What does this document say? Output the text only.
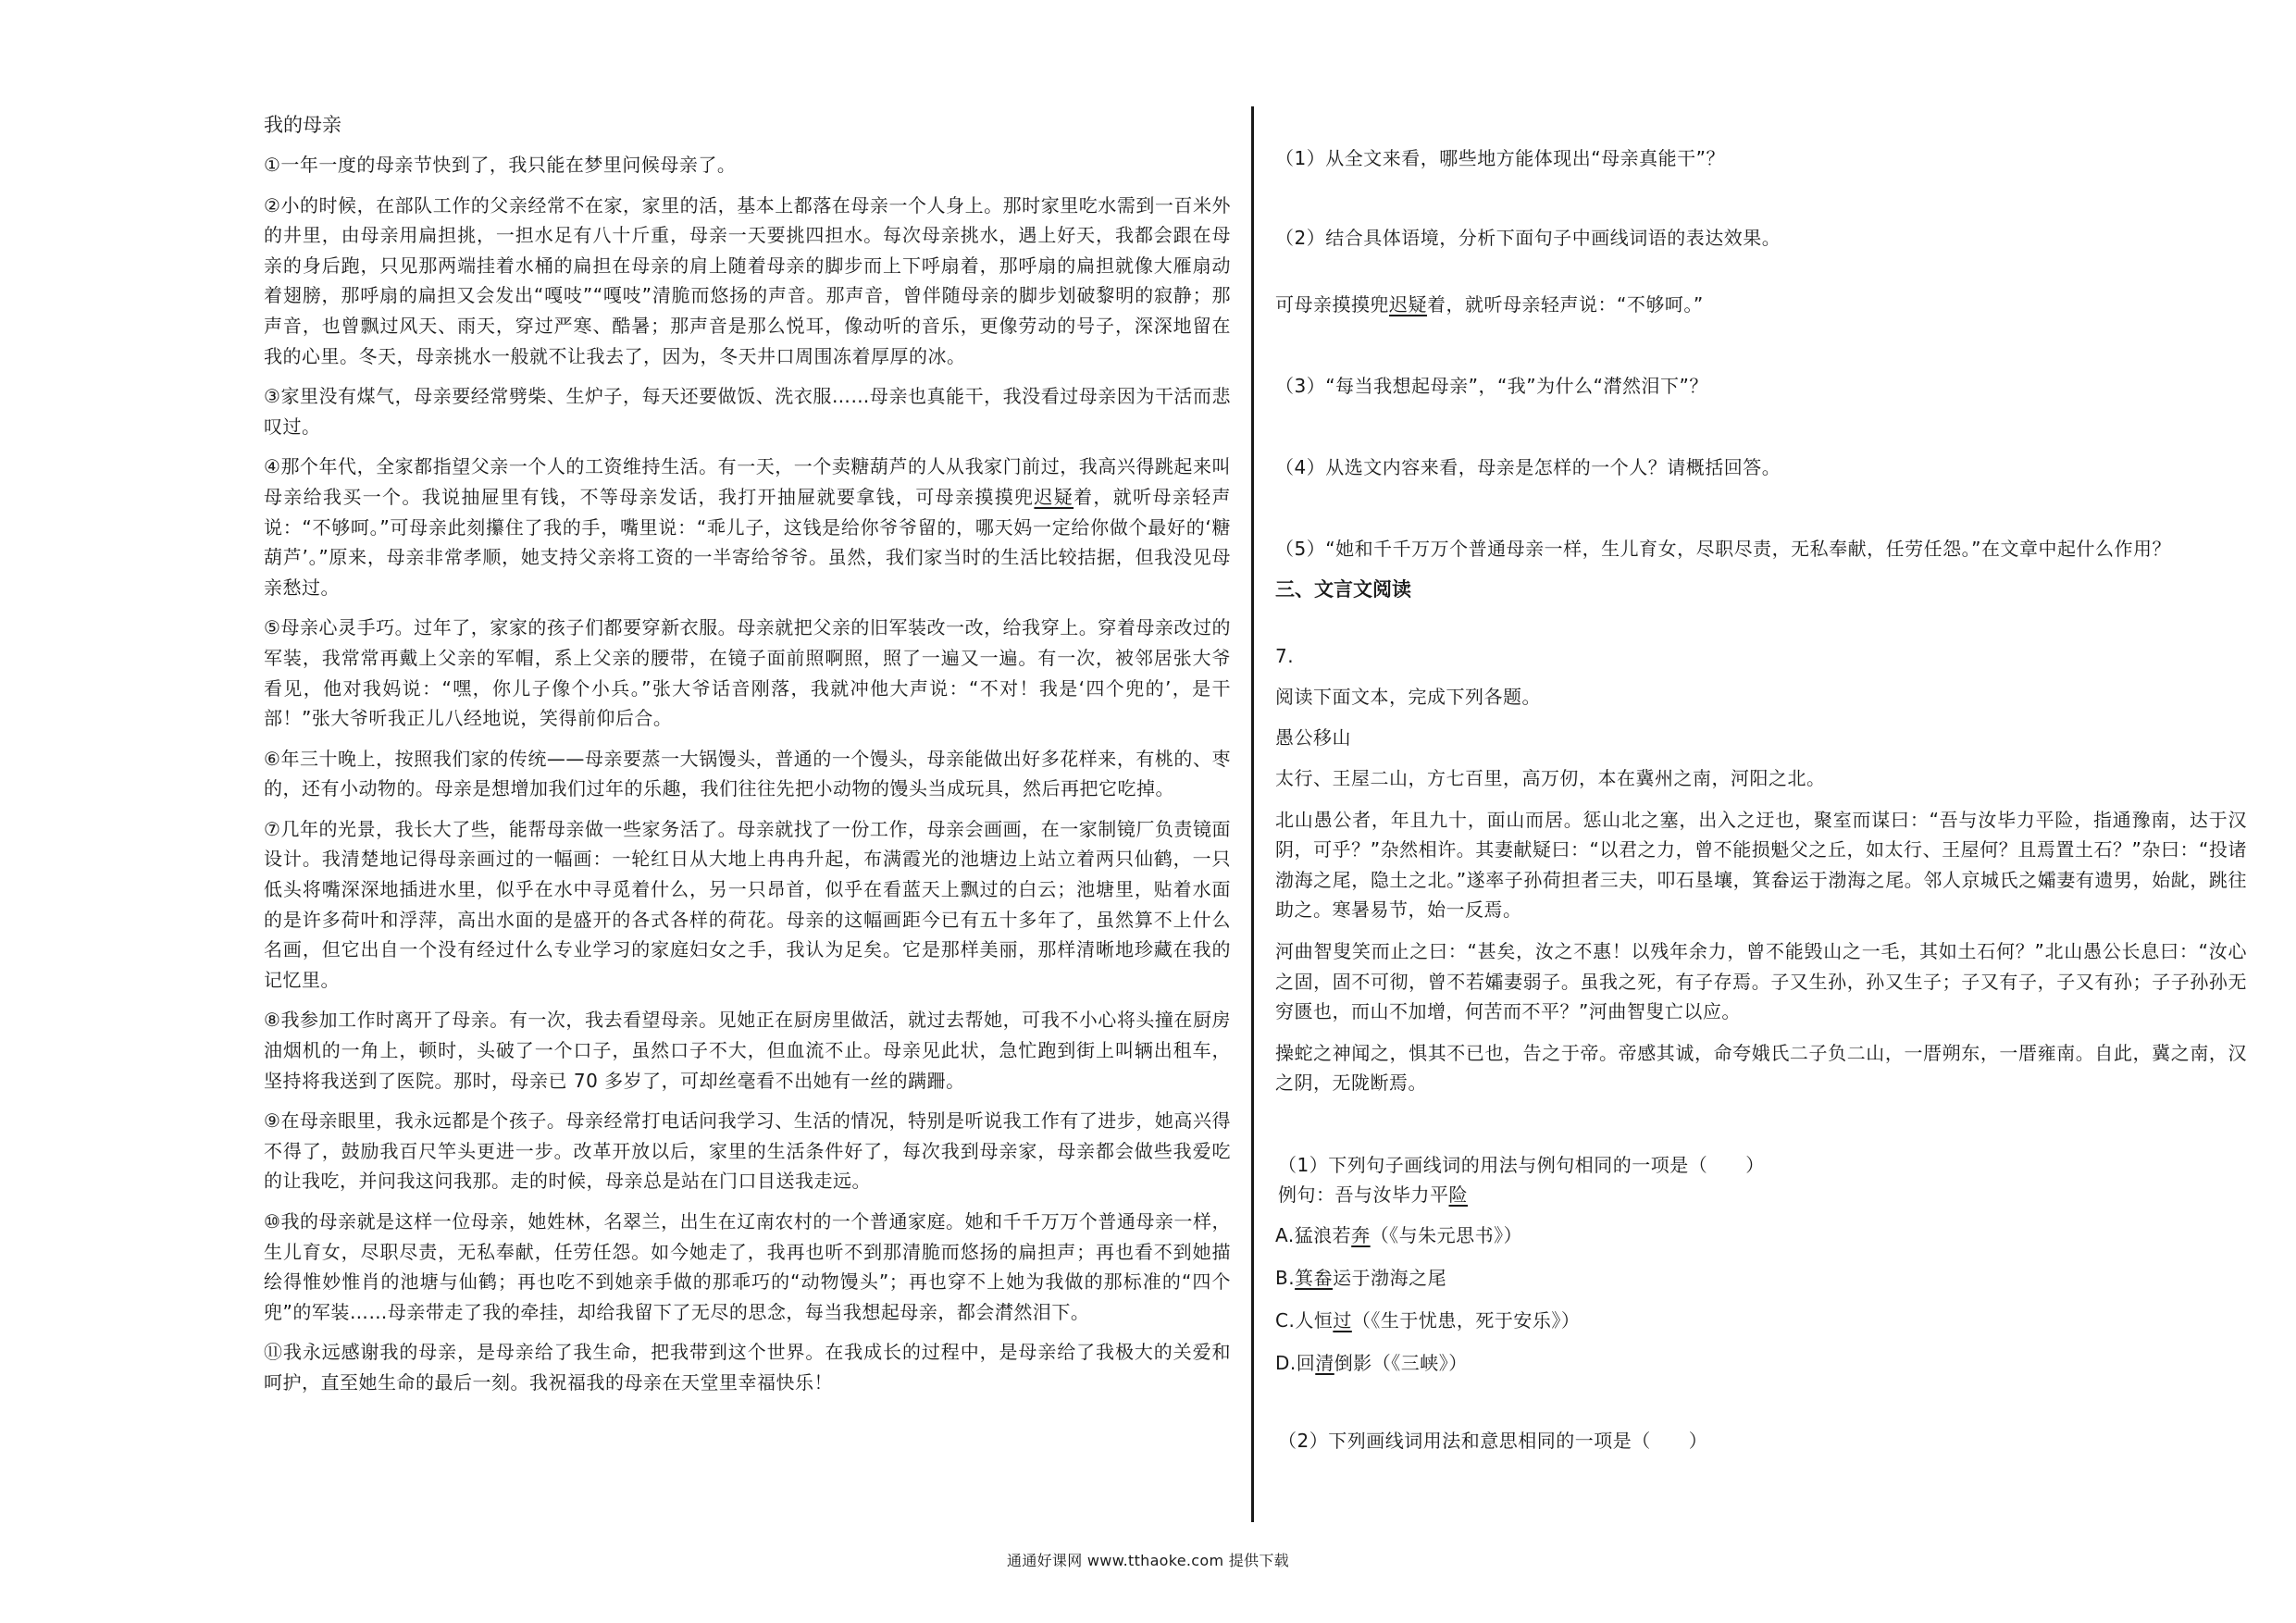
我的母亲

①一年一度的母亲节快到了，我只能在梦里问候母亲了。

②小的时候，在部队工作的父亲经常不在家，家里的活，基本上都落在母亲一个人身上。那时家里吃水需到一百米外的井里，由母亲用扁担挑，一担水足有八十斤重，母亲一天要挑四担水。每次母亲挑水，遇上好天，我都会跟在母亲的身后跑，只见那两端挂着水桶的扁担在母亲的肩上随着母亲的脚步而上下呼扇着，那呼扇的扁担就像大雁扇动着翅膀，那呼扇的扁担又会发出“嘎吱”“嘎吱”清脆而悠扬的声音。那声音，曾伴随母亲的脚步划破黎明的寂静；那声音，也曾飘过风天、雨天，穿过严寒、酷暑；那声音是那么悦耳，像动听的音乐，更像劳动的号子，深深地留在我的心里。冬天，母亲挑水一般就不让我去了，因为，冬天井口周围冻着厚厚的冰。

③家里没有煤气，母亲要经常劈柴、生炉子，每天还要做饭、洗衣服……母亲也真能干，我没看过母亲因为干活而悲叹过。

④那个年代，全家都指望父亲一个人的工资维持生活。有一天，一个卖糖葫芦的人从我家门前过，我高兴得跳起来叫母亲给我买一个。我说抽屉里有钱，不等母亲发话，我打开抽屉就要拿钱，可母亲摸摸兜迟疑着，就听母亲轻声说：“不够呵。”可母亲此刻攥住了我的手，嘴里说：“乖儿子，这钱是给你爷爷留的，哪天妈一定给你做个最好的‘糖葫芦’。”原来，母亲非常孝顺，她支持父亲将工资的一半寄给爷爷。虽然，我们家当时的生活比较拮据，但我没见母亲愁过。

⑤母亲心灵手巧。过年了，家家的孩子们都要穿新衣服。母亲就把父亲的旧军装改一改，给我穿上。穿着母亲改过的军装，我常常再戴上父亲的军帽，系上父亲的腰带，在镜子面前照啊照，照了一遍又一遍。有一次，被邻居张大爷看见，他对我妈说：“嘿，你儿子像个小兵。”张大爷话音刚落，我就冲他大声说：“不对！我是‘四个兜的’，是干部！”张大爷听我正儿八经地说，笑得前仰后合。

⑥年三十晚上，按照我们家的传统——母亲要蒸一大锅馒头，普通的一个馒头，母亲能做出好多花样来，有桃的、枣的，还有小动物的。母亲是想增加我们过年的乐趣，我们往往先把小动物的馒头当成玩具，然后再把它吃掉。

⑦几年的光景，我长大了些，能帮母亲做一些家务活了。母亲就找了一份工作，母亲会画画，在一家制镜厂负责镜面设计。我清楚地记得母亲画过的一幅画：一轮红日从大地上冉冉升起，布满霞光的池塘边上站立着两只仙鹤，一只低头将嘴深深地插进水里，似乎在水中寻觅着什么，另一只昂首，似乎在看蓝天上飘过的白云；池塘里，贴着水面的是许多荷叶和浮萍，高出水面的是盛开的各式各样的荷花。母亲的这幅画距今已有五十多年了，虽然算不上什么名画，但它出自一个没有经过什么专业学习的家庭妇女之手，我认为足矣。它是那样美丽，那样清晰地珍藏在我的记忆里。

⑧我参加工作时离开了母亲。有一次，我去看望母亲。见她正在厨房里做活，就过去帮她，可我不小心将头撞在厨房油烟机的一角上，顿时，头破了一个口子，虽然口子不大，但血流不止。母亲见此状，急忙跑到街上叫辆出租车，坚持将我送到了医院。那时，母亲已 70 多岁了，可却丝毫看不出她有一丝的蹒跚。

⑨在母亲眼里，我永远都是个孩子。母亲经常打电话问我学习、生活的情况，特别是听说我工作有了进步，她高兴得不得了，鼓励我百尺竿头更进一步。改革开放以后，家里的生活条件好了，每次我到母亲家，母亲都会做些我爱吃的让我吃，并问我这问我那。走的时候，母亲总是站在门口目送我走远。

⑩我的母亲就是这样一位母亲，她姓林，名翠兰，出生在辽南农村的一个普通家庭。她和千千万万个普通母亲一样，生儿育女，尽职尽责，无私奉献，任劳任怨。如今她走了，我再也听不到那清脆而悠扬的扁担声；再也看不到她描绘得惟妙惟肖的池塘与仙鹤；再也吃不到她亲手做的那乖巧的“动物馒头”；再也穿不上她为我做的那标准的“四个兜”的军装……母亲带走了我的牵挂，却给我留下了无尽的思念，每当我想起母亲，都会潸然泪下。

⑪我永远感谢我的母亲，是母亲给了我生命，把我带到这个世界。在我成长的过程中，是母亲给了我极大的关爱和呵护，直至她生命的最后一刻。我祝福我的母亲在天堂里幸福快乐！

（1）从全文来看，哪些地方能体现出“母亲真能干”？

（2）结合具体语境，分析下面句子中画线词语的表达效果。

可母亲摸摸兜迟疑着，就听母亲轻声说：“不够呵。”

（3）“每当我想起母亲”，“我”为什么“潸然泪下”？

（4）从选文内容来看，母亲是怎样的一个人？请概括回答。

（5）“她和千千万万个普通母亲一样，生儿育女，尽职尽责，无私奉献，任劳任怨。”在文章中起什么作用？

三、文言文阅读

7.

阅读下面文本，完成下列各题。

愚公移山

太行、王屋二山，方七百里，高万仞，本在冀州之南，河阳之北。

北山愚公者，年且九十，面山而居。惩山北之塞，出入之迂也，聚室而谋曰：“吾与汝毕力平险，指通豫南，达于汉阴，可乎？”杂然相许。其妻献疑曰：“以君之力，曾不能损魁父之丘，如太行、王屋何？且焉置土石？”杂曰：“投诸渤海之尾，隐土之北。”遂率子孙荷担者三夫，叩石垦壤，箕畚运于渤海之尾。邻人京城氏之孀妻有遗男，始龀，跳往助之。寒暑易节，始一反焉。

河曲智叟笑而止之曰：“甚矣，汝之不惠！以残年余力，曾不能毁山之一毛，其如土石何？”北山愚公长息曰：“汝心之固，固不可彻，曾不若孀妻弱子。虽我之死，有子存焉。子又生孙，孙又生子；子又有子，子又有孙；子子孙孙无穷匮也，而山不加增，何苦而不平？”河曲智叟亡以应。

操蛇之神闻之，惧其不已也，告之于帝。帝感其诚，命夸娥氏二子负二山，一厝朔东，一厝雍南。自此，冀之南，汉之阴，无陇断焉。

（1）下列句子画线词的用法与例句相同的一项是（　　）

例句：吾与汝毕力平险

A.猛浪若奔（《与朱元思书》）

B.箕畚运于渤海之尾

C.人恒过（《生于忧患，死于安乐》）

D.回清倒影（《三峡》）

（2）下列画线词用法和意思相同的一项是（　　）

通通好课网 www.tthaoke.com 提供下载
